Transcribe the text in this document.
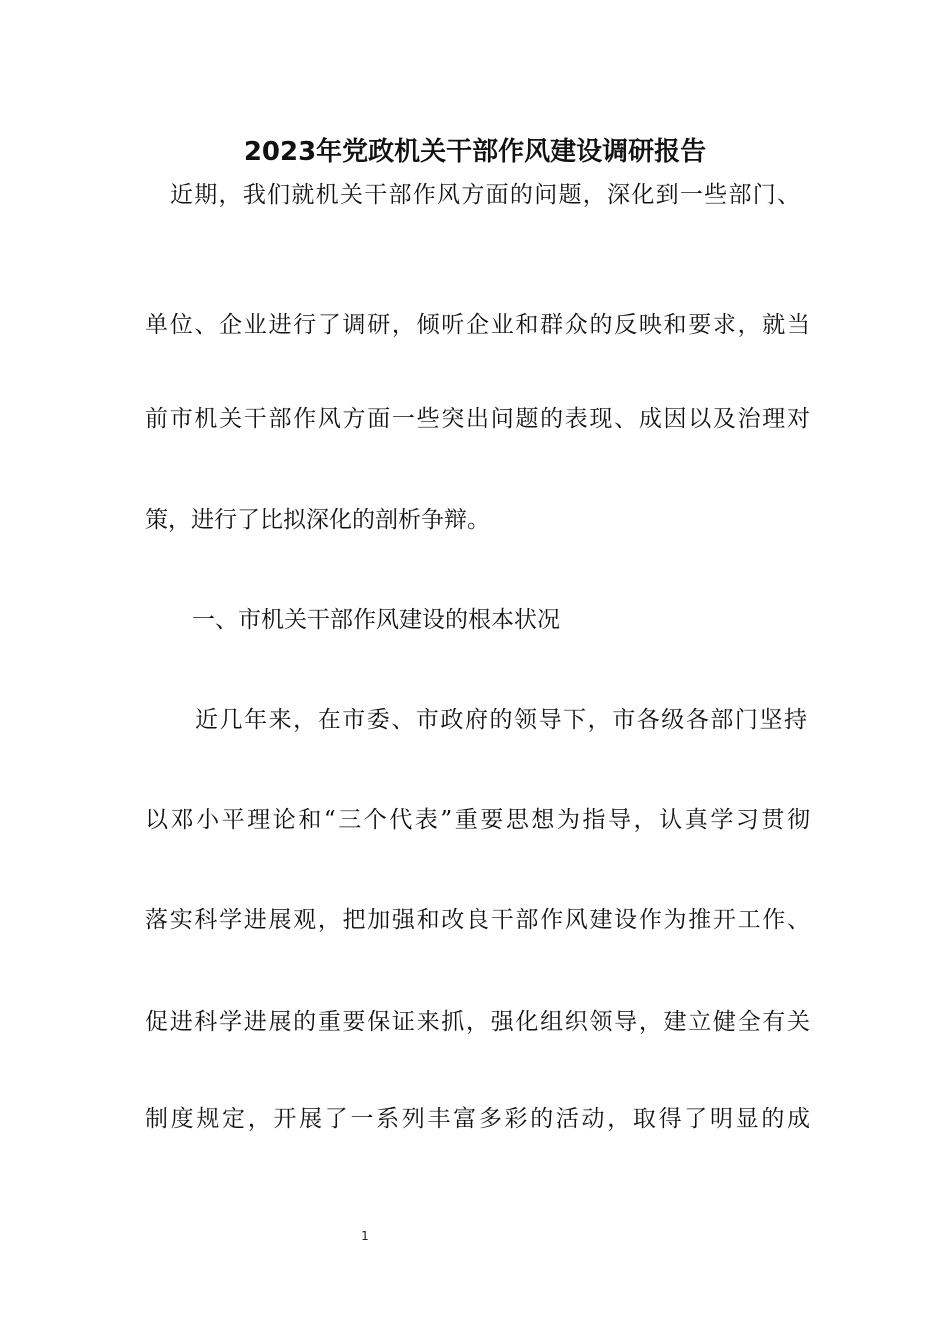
2023年党政机关干部作风建设调研报告
近期，我们就机关干部作风方面的问题，深化到一些部门、
单位、企业进行了调研，倾听企业和群众的反映和要求，就当
前市机关干部作风方面一些突出问题的表现、成因以及治理对
策，进行了比拟深化的剖析争辩。
一、市机关干部作风建设的根本状况
近几年来，在市委、市政府的领导下，市各级各部门坚持
以邓小平理论和“三个代表”重要思想为指导，认真学习贯彻
落实科学进展观，把加强和改良干部作风建设作为推开工作、
促进科学进展的重要保证来抓，强化组织领导，建立健全有关
制度规定，开展了一系列丰富多彩的活动，取得了明显的成
1
